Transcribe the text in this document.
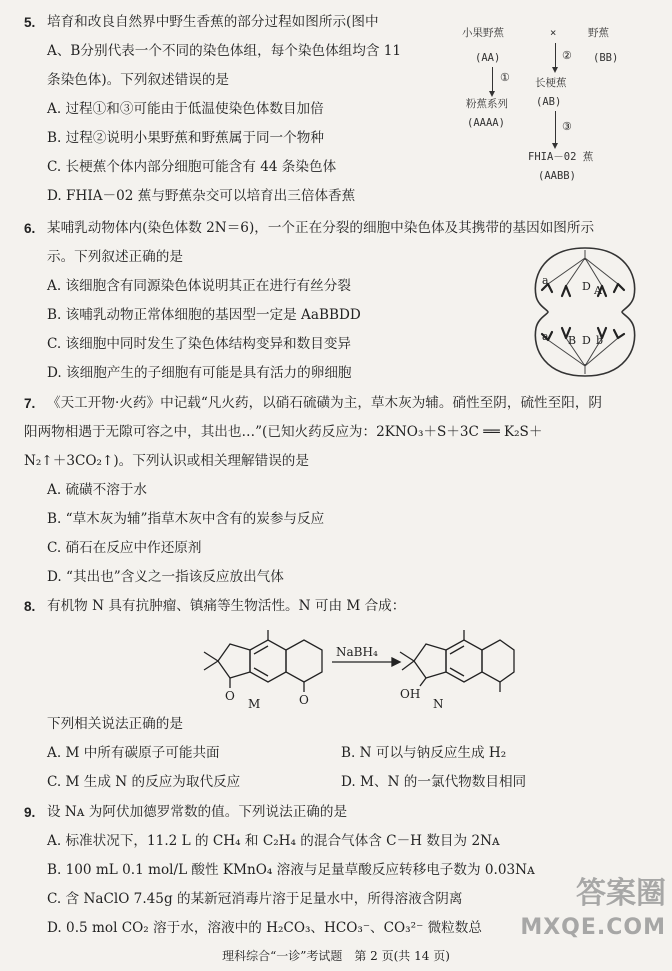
5. 培育和改良自然界中野生香蕉的部分过程如图所示(图中
A、B分别代表一个不同的染色体组，每个染色体组均含 11
条染色体)。下列叙述错误的是
A. 过程①和③可能由于低温使染色体数目加倍
B. 过程②说明小果野蕉和野蕉属于同一个物种
C. 长梗蕉个体内部分细胞可能含有 44 条染色体
D. FHIA－02 蕉与野蕉杂交可以培育出三倍体香蕉
小果野蕉	×	野蕉
(AA)	(BB)
①
②
粉蕉系列
(AAAA)
长梗蕉
(AB)
③
FHIA－02 蕉
(AABB)
6. 某哺乳动物体内(染色体数 2N＝6)，一个正在分裂的细胞中染色体及其携带的基因如图所示
示。下列叙述正确的是
A. 该细胞含有同源染色体说明其正在进行有丝分裂
B. 该哺乳动物正常体细胞的基因型一定是 AaBBDD
C. 该细胞中同时发生了染色体结构变异和数目变异
D. 该细胞产生的子细胞有可能是具有活力的卵细胞
a	D A
a B D b
7. 《天工开物·火药》中记载“凡火药，以硝石硫磺为主，草木灰为辅。硝性至阴，硫性至阳，阴
阳两物相遇于无隙可容之中，其出也…”(已知火药反应为：2KNO₃＋S＋3C ══ K₂S＋
N₂↑＋3CO₂↑)。下列认识或相关理解错误的是
A. 硫磺不溶于水
B. “草木灰为辅”指草木灰中含有的炭参与反应
C. 硝石在反应中作还原剂
D. “其出也”含义之一指该反应放出气体
8. 有机物 N 具有抗肿瘤、镇痛等生物活性。N 可由 M 合成：
NaBH₄
O	O
M
OH
N
下列相关说法正确的是
A. M 中所有碳原子可能共面	B. N 可以与钠反应生成 H₂
C. M 生成 N 的反应为取代反应	D. M、N 的一氯代物数目相同
9. 设 Nᴀ 为阿伏加德罗常数的值。下列说法正确的是
A. 标准状况下，11.2 L 的 CH₄ 和 C₂H₄ 的混合气体含 C－H 数目为 2Nᴀ
B. 100 mL 0.1 mol/L 酸性 KMnO₄ 溶液与足量草酸反应转移电子数为 0.03Nᴀ
C. 含 NaClO 7.45g 的某新冠消毒片溶于足量水中，所得溶液含阴离
D. 0.5 mol CO₂ 溶于水，溶液中的 H₂CO₃、HCO₃⁻、CO₃²⁻ 微粒数总
答案圈
MXQE.COM
理科综合“一诊”考试题　第 2 页(共 14 页)
